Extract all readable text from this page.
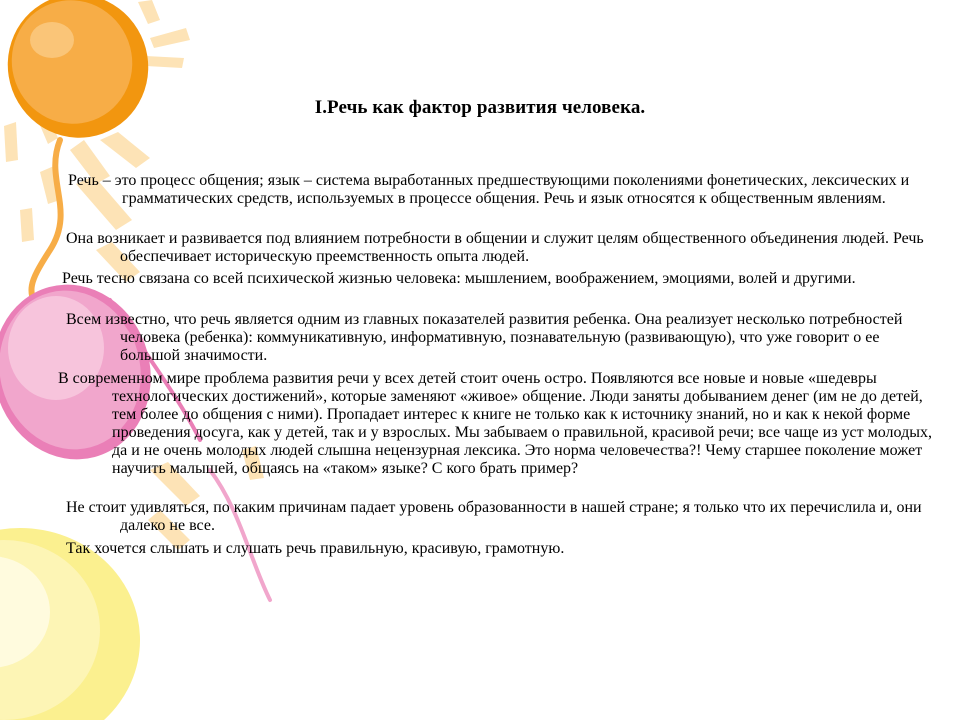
I.Речь как фактор развития человека.

Речь – это процесс общения; язык – система выработанных предшествующими поколениями фонетических, лексических и грамматических средств, используемых в процессе общения. Речь и язык относятся к общественным явлениям.

Она возникает и развивается под влиянием потребности в общении и служит целям общественного объединения людей. Речь обеспечивает историческую преемственность опыта людей.

Речь тесно связана со всей психической жизнью человека: мышлением, воображением, эмоциями, волей и другими.

Всем известно, что речь является одним из главных показателей развития ребенка. Она реализует несколько потребностей человека (ребенка): коммуникативную, информативную, познавательную (развивающую), что уже говорит о ее большой значимости.

В современном мире проблема развития речи у всех детей стоит очень остро. Появляются все новые и новые «шедевры технологических достижений», которые заменяют «живое» общение. Люди заняты добыванием денег (им не до детей, тем более до общения с ними). Пропадает интерес к книге не только как к источнику знаний, но и как к некой форме проведения досуга, как у детей, так и у взрослых. Мы забываем о правильной, красивой речи; все чаще из уст молодых, да и не очень молодых людей слышна нецензурная лексика. Это норма человечества?! Чему старшее поколение может научить малышей, общаясь на «таком» языке? С кого брать пример?

Не стоит удивляться, по каким причинам падает уровень образованности в нашей стране; я только что их перечислила и, они далеко не все.

Так хочется слышать и слушать речь правильную, красивую, грамотную.
